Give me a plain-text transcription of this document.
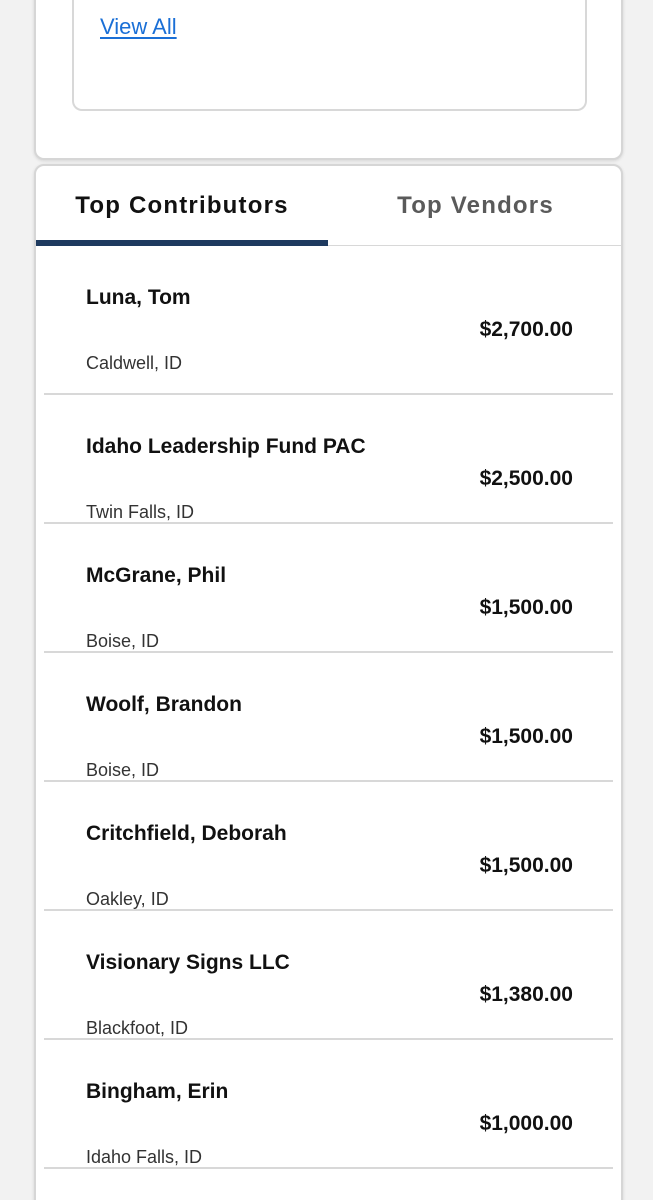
View All
Top Contributors	Top Vendors
Luna, Tom
$2,700.00
Caldwell, ID
Idaho Leadership Fund PAC
$2,500.00
Twin Falls, ID
McGrane, Phil
$1,500.00
Boise, ID
Woolf, Brandon
$1,500.00
Boise, ID
Critchfield, Deborah
$1,500.00
Oakley, ID
Visionary Signs LLC
$1,380.00
Blackfoot, ID
Bingham, Erin
$1,000.00
Idaho Falls, ID
